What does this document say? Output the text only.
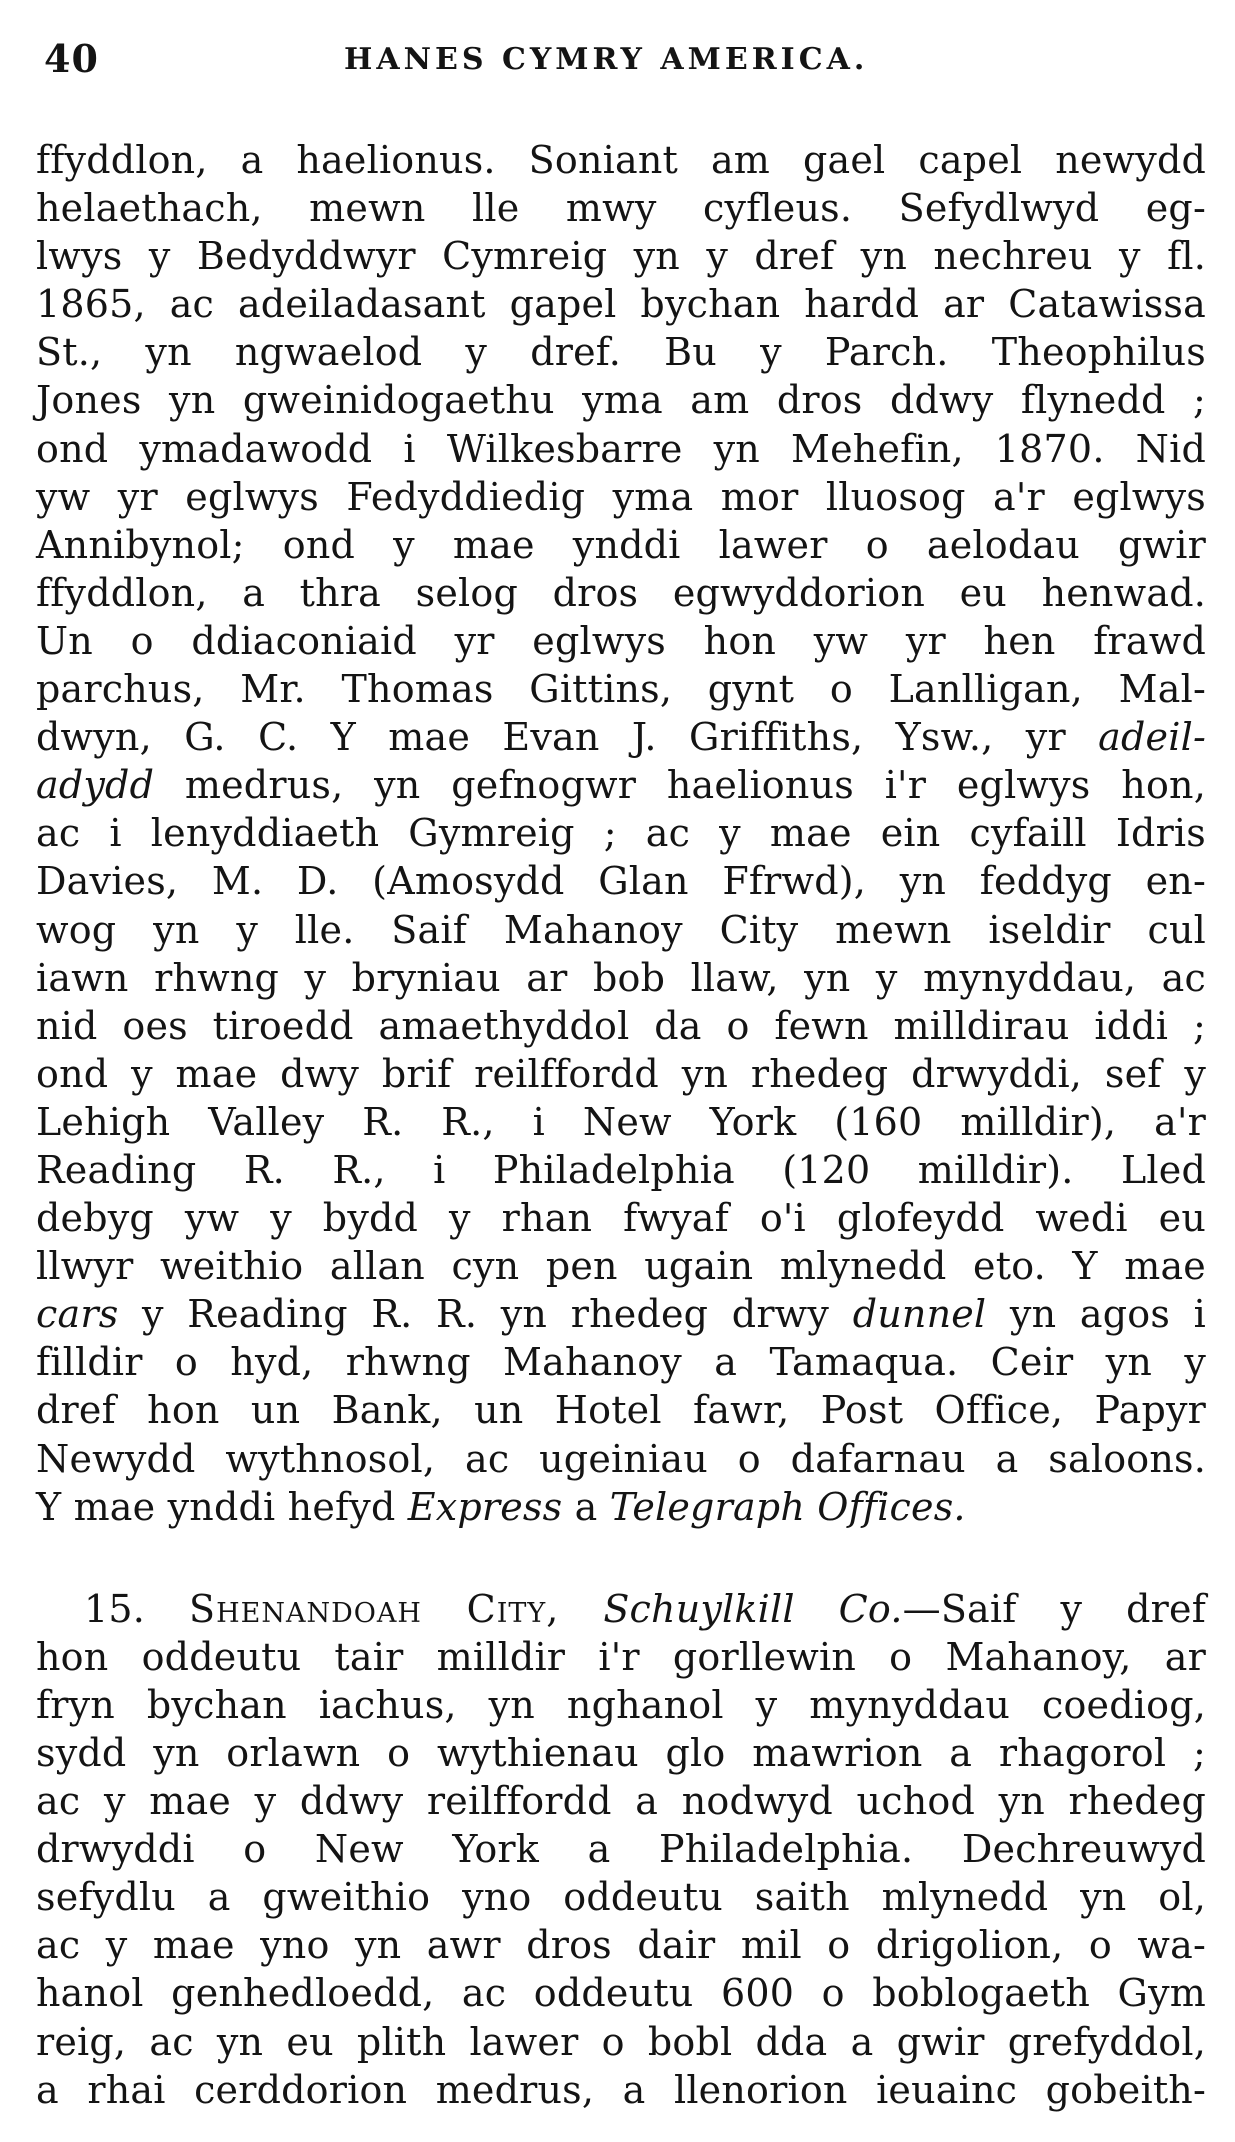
40	HANES CYMRY AMERICA.
ffyddlon, a haelionus. Soniant am gael capel newydd
helaethach, mewn lle mwy cyfleus. Sefydlwyd eg-
lwys y Bedyddwyr Cymreig yn y dref yn nechreu y fl.
1865, ac adeiladasant gapel bychan hardd ar Catawissa
St., yn ngwaelod y dref. Bu y Parch. Theophilus
Jones yn gweinidogaethu yma am dros ddwy flynedd ;
ond ymadawodd i Wilkesbarre yn Mehefin, 1870. Nid
yw yr eglwys Fedyddiedig yma mor lluosog a'r eglwys
Annibynol; ond y mae ynddi lawer o aelodau gwir
ffyddlon, a thra selog dros egwyddorion eu henwad.
Un o ddiaconiaid yr eglwys hon yw yr hen frawd
parchus, Mr. Thomas Gittins, gynt o Lanlligan, Mal-
dwyn, G. C. Y mae Evan J. Griffiths, Ysw., yr adeil-
adydd medrus, yn gefnogwr haelionus i'r eglwys hon,
ac i lenyddiaeth Gymreig ; ac y mae ein cyfaill Idris
Davies, M. D. (Amosydd Glan Ffrwd), yn feddyg en-
wog yn y lle. Saif Mahanoy City mewn iseldir cul
iawn rhwng y bryniau ar bob llaw, yn y mynyddau, ac
nid oes tiroedd amaethyddol da o fewn milldirau iddi ;
ond y mae dwy brif reilffordd yn rhedeg drwyddi, sef y
Lehigh Valley R. R., i New York (160 milldir), a'r
Reading R. R., i Philadelphia (120 milldir). Lled
debyg yw y bydd y rhan fwyaf o'i glofeydd wedi eu
llwyr weithio allan cyn pen ugain mlynedd eto. Y mae
cars y Reading R. R. yn rhedeg drwy dunnel yn agos i
filldir o hyd, rhwng Mahanoy a Tamaqua. Ceir yn y
dref hon un Bank, un Hotel fawr, Post Office, Papyr
Newydd wythnosol, ac ugeiniau o dafarnau a saloons.
Y mae ynddi hefyd Express a Telegraph Offices.
15. Shenandoah City, Schuylkill Co.—Saif y dref
hon oddeutu tair milldir i'r gorllewin o Mahanoy, ar
fryn bychan iachus, yn nghanol y mynyddau coediog,
sydd yn orlawn o wythienau glo mawrion a rhagorol ;
ac y mae y ddwy reilffordd a nodwyd uchod yn rhedeg
drwyddi o New York a Philadelphia. Dechreuwyd
sefydlu a gweithio yno oddeutu saith mlynedd yn ol,
ac y mae yno yn awr dros dair mil o drigolion, o wa-
hanol genhedloedd, ac oddeutu 600 o boblogaeth Gym
reig, ac yn eu plith lawer o bobl dda a gwir grefyddol,
a rhai cerddorion medrus, a llenorion ieuainc gobeith-
